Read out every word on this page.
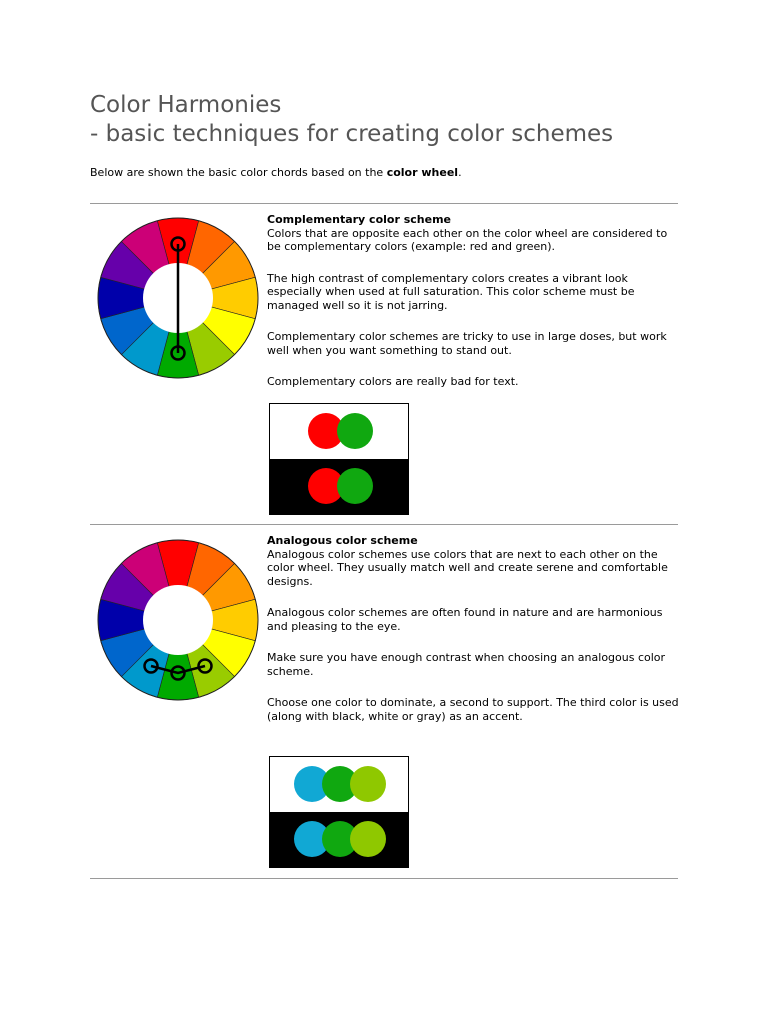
Color Harmonies
- basic techniques for creating color schemes

Below are shown the basic color chords based on the color wheel.

Complementary color scheme

Colors that are opposite each other on the color wheel are considered to be complementary colors (example: red and green).

The high contrast of complementary colors creates a vibrant look especially when used at full saturation. This color scheme must be managed well so it is not jarring.

Complementary color schemes are tricky to use in large doses, but work well when you want something to stand out.

Complementary colors are really bad for text.

Analogous color scheme

Analogous color schemes use colors that are next to each other on the color wheel. They usually match well and create serene and comfortable designs.

Analogous color schemes are often found in nature and are harmonious and pleasing to the eye.

Make sure you have enough contrast when choosing an analogous color scheme.

Choose one color to dominate, a second to support. The third color is used (along with black, white or gray) as an accent.
